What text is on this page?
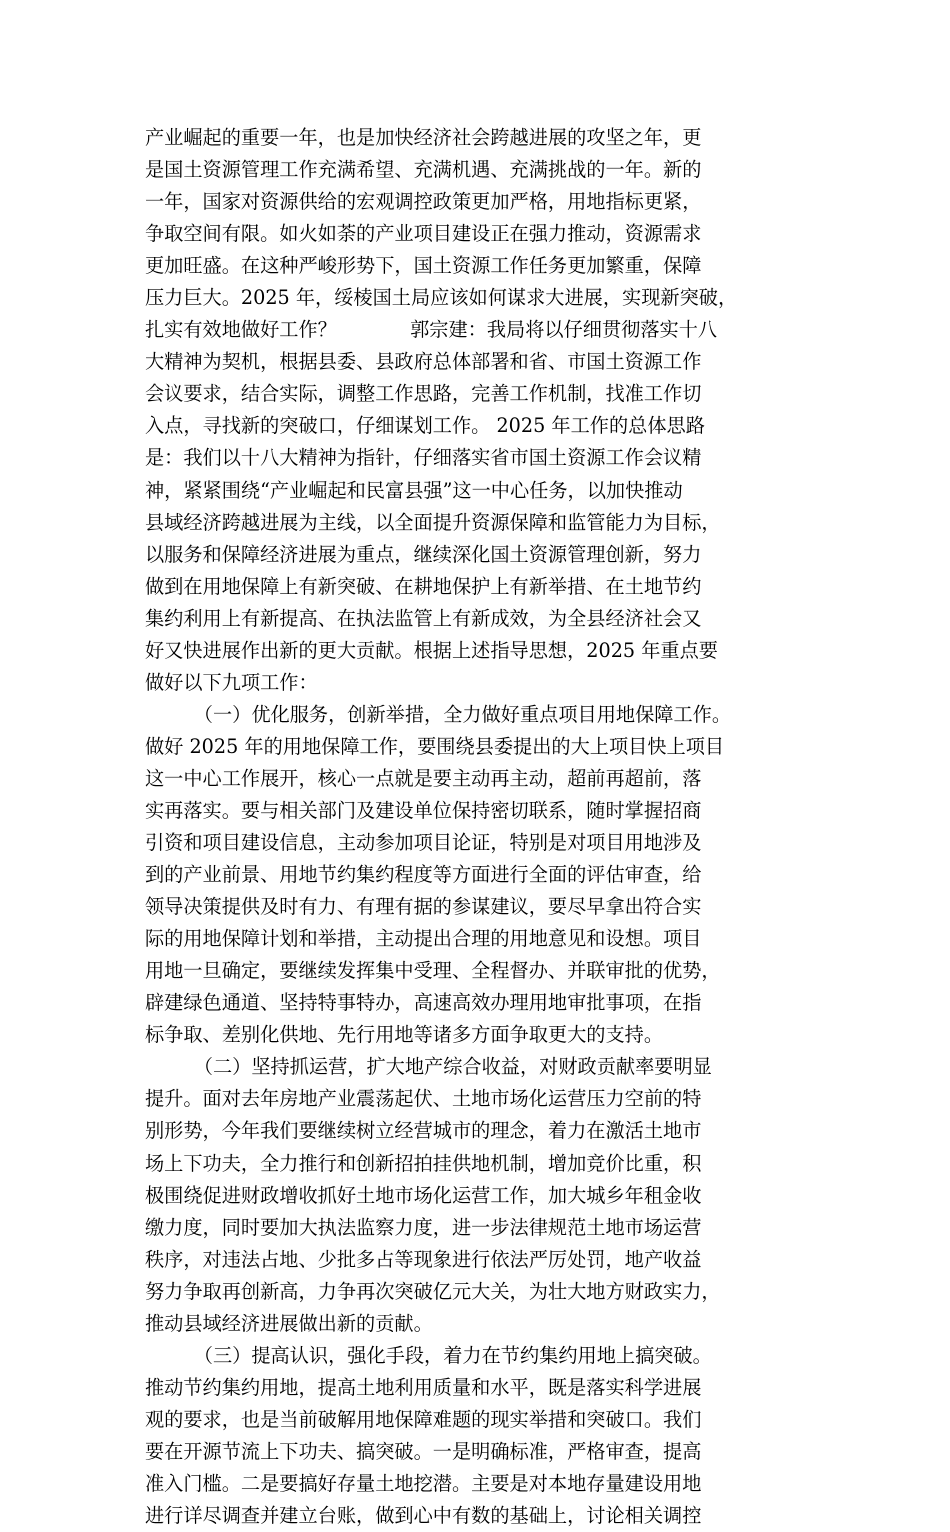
产业崛起的重要一年，也是加快经济社会跨越进展的攻坚之年，更
是国土资源管理工作充满希望、充满机遇、充满挑战的一年。新的
一年，国家对资源供给的宏观调控政策更加严格，用地指标更紧，
争取空间有限。如火如荼的产业项目建设正在强力推动，资源需求
更加旺盛。在这种严峻形势下，国土资源工作任务更加繁重，保障
压力巨大。2025 年，绥棱国土局应该如何谋求大进展，实现新突破，
扎实有效地做好工作？            郭宗建：我局将以仔细贯彻落实十八
大精神为契机，根据县委、县政府总体部署和省、市国土资源工作
会议要求，结合实际，调整工作思路，完善工作机制，找准工作切
入点，寻找新的突破口，仔细谋划工作。 2025 年工作的总体思路
是：我们以十八大精神为指针，仔细落实省市国土资源工作会议精
神，紧紧围绕“产业崛起和民富县强”这一中心任务，以加快推动
县域经济跨越进展为主线，以全面提升资源保障和监管能力为目标，
以服务和保障经济进展为重点，继续深化国土资源管理创新，努力
做到在用地保障上有新突破、在耕地保护上有新举措、在土地节约
集约利用上有新提高、在执法监管上有新成效，为全县经济社会又
好又快进展作出新的更大贡献。根据上述指导思想，2025 年重点要
做好以下九项工作：
（一）优化服务，创新举措，全力做好重点项目用地保障工作。
做好 2025 年的用地保障工作，要围绕县委提出的大上项目快上项目
这一中心工作展开，核心一点就是要主动再主动，超前再超前，落
实再落实。要与相关部门及建设单位保持密切联系，随时掌握招商
引资和项目建设信息，主动参加项目论证，特别是对项目用地涉及
到的产业前景、用地节约集约程度等方面进行全面的评估审查，给
领导决策提供及时有力、有理有据的参谋建议，要尽早拿出符合实
际的用地保障计划和举措，主动提出合理的用地意见和设想。项目
用地一旦确定，要继续发挥集中受理、全程督办、并联审批的优势，
辟建绿色通道、坚持特事特办，高速高效办理用地审批事项，在指
标争取、差别化供地、先行用地等诸多方面争取更大的支持。
（二）坚持抓运营，扩大地产综合收益，对财政贡献率要明显
提升。面对去年房地产业震荡起伏、土地市场化运营压力空前的特
别形势，今年我们要继续树立经营城市的理念，着力在激活土地市
场上下功夫，全力推行和创新招拍挂供地机制，增加竞价比重，积
极围绕促进财政增收抓好土地市场化运营工作，加大城乡年租金收
缴力度，同时要加大执法监察力度，进一步法律规范土地市场运营
秩序，对违法占地、少批多占等现象进行依法严厉处罚，地产收益
努力争取再创新高，力争再次突破亿元大关，为壮大地方财政实力，
推动县域经济进展做出新的贡献。
（三）提高认识，强化手段，着力在节约集约用地上搞突破。
推动节约集约用地，提高土地利用质量和水平，既是落实科学进展
观的要求，也是当前破解用地保障难题的现实举措和突破口。我们
要在开源节流上下功夫、搞突破。一是明确标准，严格审查，提高
准入门槛。二是要搞好存量土地挖潜。主要是对本地存量建设用地
进行详尽调查并建立台账，做到心中有数的基础上，讨论相关调控
